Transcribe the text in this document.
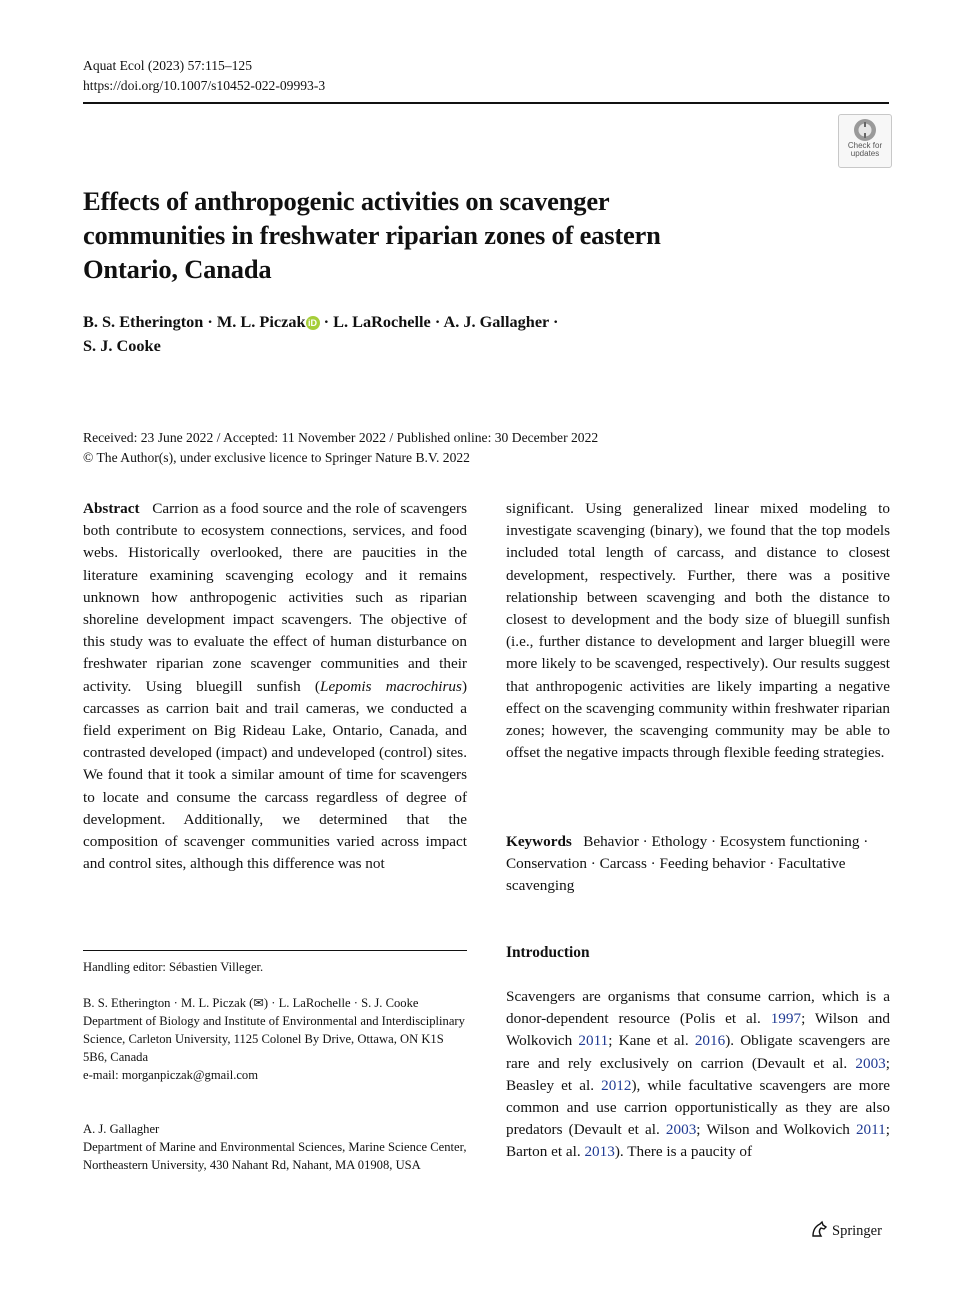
Aquat Ecol (2023) 57:115–125
https://doi.org/10.1007/s10452-022-09993-3
Check for
updates
Effects of anthropogenic activities on scavenger
communities in freshwater riparian zones of eastern
Ontario, Canada
B. S. Etherington · M. L. Piczak iD · L. LaRochelle · A. J. Gallagher ·
S. J. Cooke
Received: 23 June 2022 / Accepted: 11 November 2022 / Published online: 30 December 2022
© The Author(s), under exclusive licence to Springer Nature B.V. 2022

Abstract Carrion as a food source and the role of scavengers both contribute to ecosystem connections, services, and food webs. Historically overlooked, there are paucities in the literature examining scavenging ecology and it remains unknown how anthropogenic activities such as riparian shoreline development impact scavengers. The objective of this study was to evaluate the effect of human disturbance on freshwater riparian zone scavenger communities and their activity. Using bluegill sunfish (Lepomis macrochirus) carcasses as carrion bait and trail cameras, we conducted a field experiment on Big Rideau Lake, Ontario, Canada, and contrasted developed (impact) and undeveloped (control) sites. We found that it took a similar amount of time for scavengers to locate and consume the carcass regardless of degree of development. Additionally, we determined that the composition of scavenger communities varied across impact and control sites, although this difference was not

significant. Using generalized linear mixed modeling to investigate scavenging (binary), we found that the top models included total length of carcass, and distance to closest development, respectively. Further, there was a positive relationship between scavenging and both the distance to closest to development and the body size of bluegill sunfish (i.e., further distance to development and larger bluegill were more likely to be scavenged, respectively). Our results suggest that anthropogenic activities are likely imparting a negative effect on the scavenging community within freshwater riparian zones; however, the scavenging community may be able to offset the negative impacts through flexible feeding strategies.

Keywords Behavior · Ethology · Ecosystem functioning · Conservation · Carcass · Feeding behavior · Facultative scavenging
Handling editor: Sébastien Villeger.
B. S. Etherington · M. L. Piczak (✉) · L. LaRochelle · S. J. Cooke
Department of Biology and Institute of Environmental and Interdisciplinary Science, Carleton University, 1125 Colonel By Drive, Ottawa, ON K1S 5B6, Canada
e-mail: morganpiczak@gmail.com
A. J. Gallagher
Department of Marine and Environmental Sciences, Marine Science Center, Northeastern University, 430 Nahant Rd, Nahant, MA 01908, USA
Introduction

Scavengers are organisms that consume carrion, which is a donor-dependent resource (Polis et al. 1997; Wilson and Wolkovich 2011; Kane et al. 2016). Obligate scavengers are rare and rely exclusively on carrion (Devault et al. 2003; Beasley et al. 2012), while facultative scavengers are more common and use carrion opportunistically as they are also predators (Devault et al. 2003; Wilson and Wolkovich 2011; Barton et al. 2013). There is a paucity of

Springer
